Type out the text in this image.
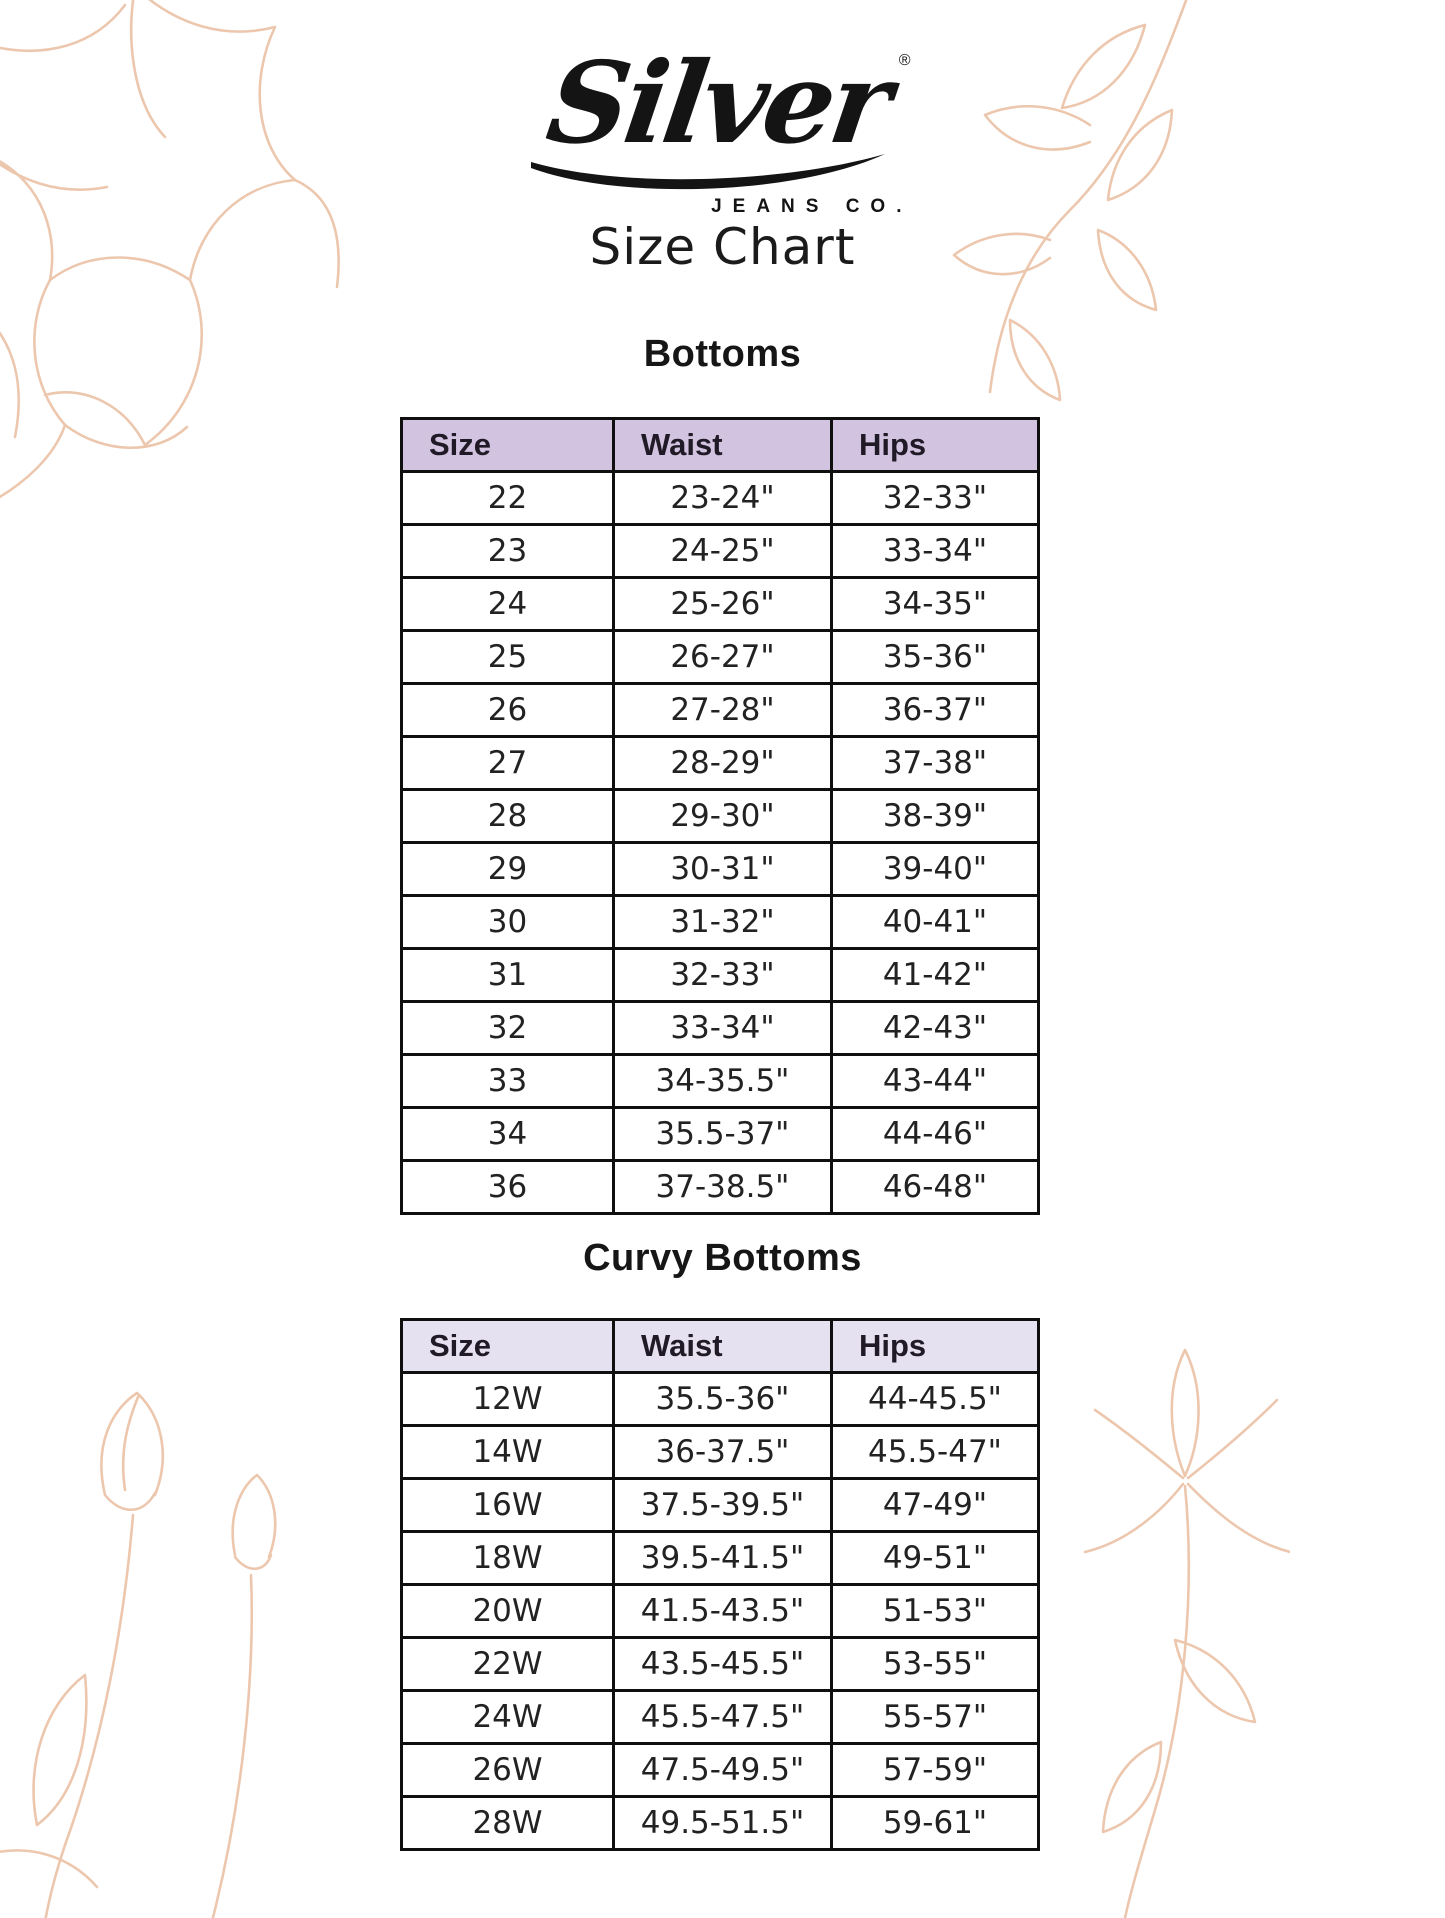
Silver ®
JEANS CO.
Size Chart
Bottoms
Size	Waist	Hips
22	23-24"	32-33"
23	24-25"	33-34"
24	25-26"	34-35"
25	26-27"	35-36"
26	27-28"	36-37"
27	28-29"	37-38"
28	29-30"	38-39"
29	30-31"	39-40"
30	31-32"	40-41"
31	32-33"	41-42"
32	33-34"	42-43"
33	34-35.5"	43-44"
34	35.5-37"	44-46"
36	37-38.5"	46-48"
Curvy Bottoms
Size	Waist	Hips
12W	35.5-36"	44-45.5"
14W	36-37.5"	45.5-47"
16W	37.5-39.5"	47-49"
18W	39.5-41.5"	49-51"
20W	41.5-43.5"	51-53"
22W	43.5-45.5"	53-55"
24W	45.5-47.5"	55-57"
26W	47.5-49.5"	57-59"
28W	49.5-51.5"	59-61"
